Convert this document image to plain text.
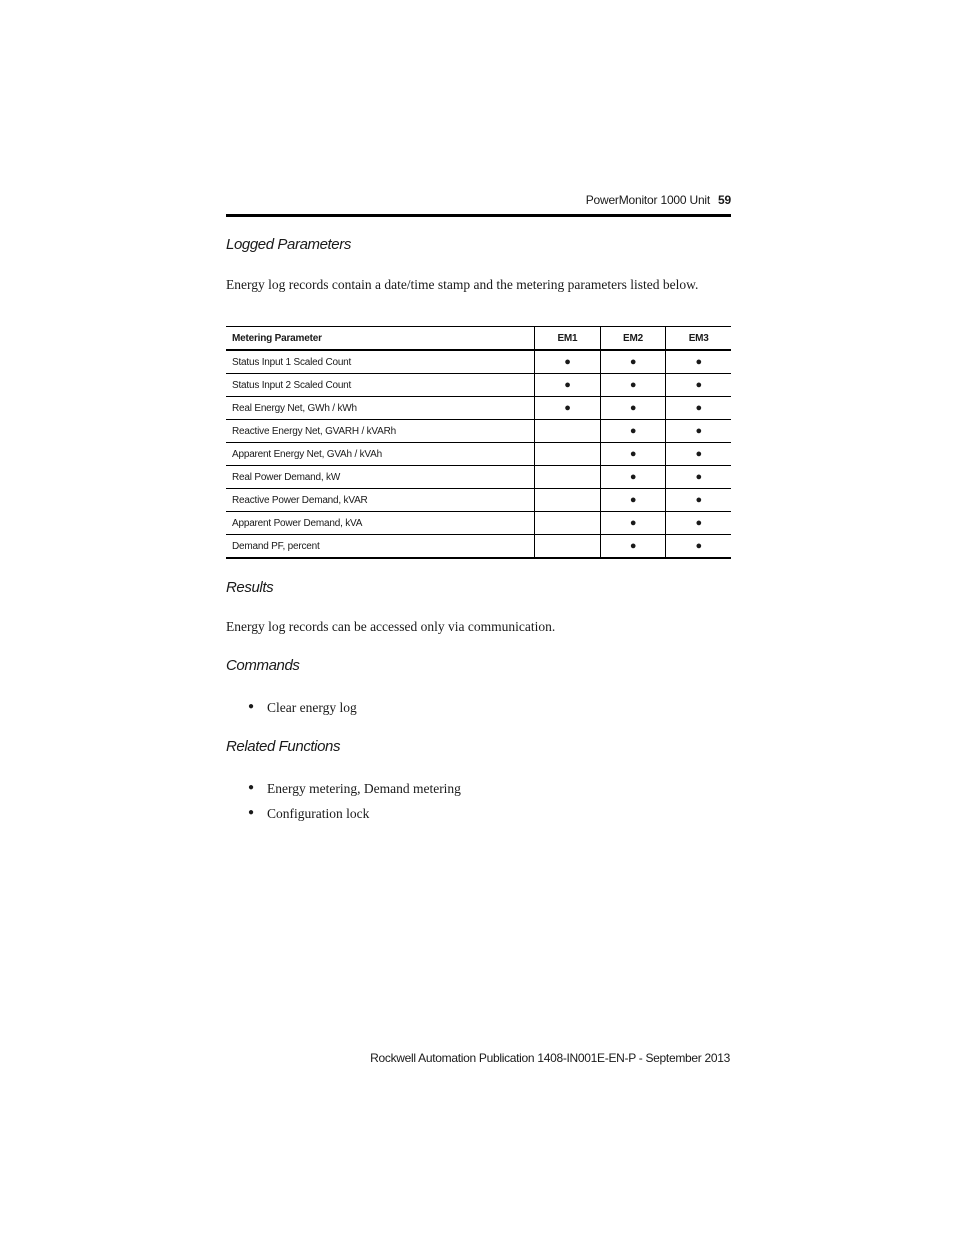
PowerMonitor 1000 Unit 59
Logged Parameters

Energy log records contain a date/time stamp and the metering parameters listed below.

Metering Parameter	EM1	EM2	EM3
Status Input 1 Scaled Count	●	●	●
Status Input 2 Scaled Count	●	●	●
Real Energy Net, GWh / kWh	●	●	●
Reactive Energy Net, GVARH / kVARh		●	●
Apparent Energy Net, GVAh / kVAh		●	●
Real Power Demand, kW		●	●
Reactive Power Demand, kVAR		●	●
Apparent Power Demand, kVA		●	●
Demand PF, percent		●	●
Results

Energy log records can be accessed only via communication.

Commands
● Clear energy log
Related Functions
● Energy metering, Demand metering
● Configuration lock
Rockwell Automation Publication 1408-IN001E-EN-P - September 2013
